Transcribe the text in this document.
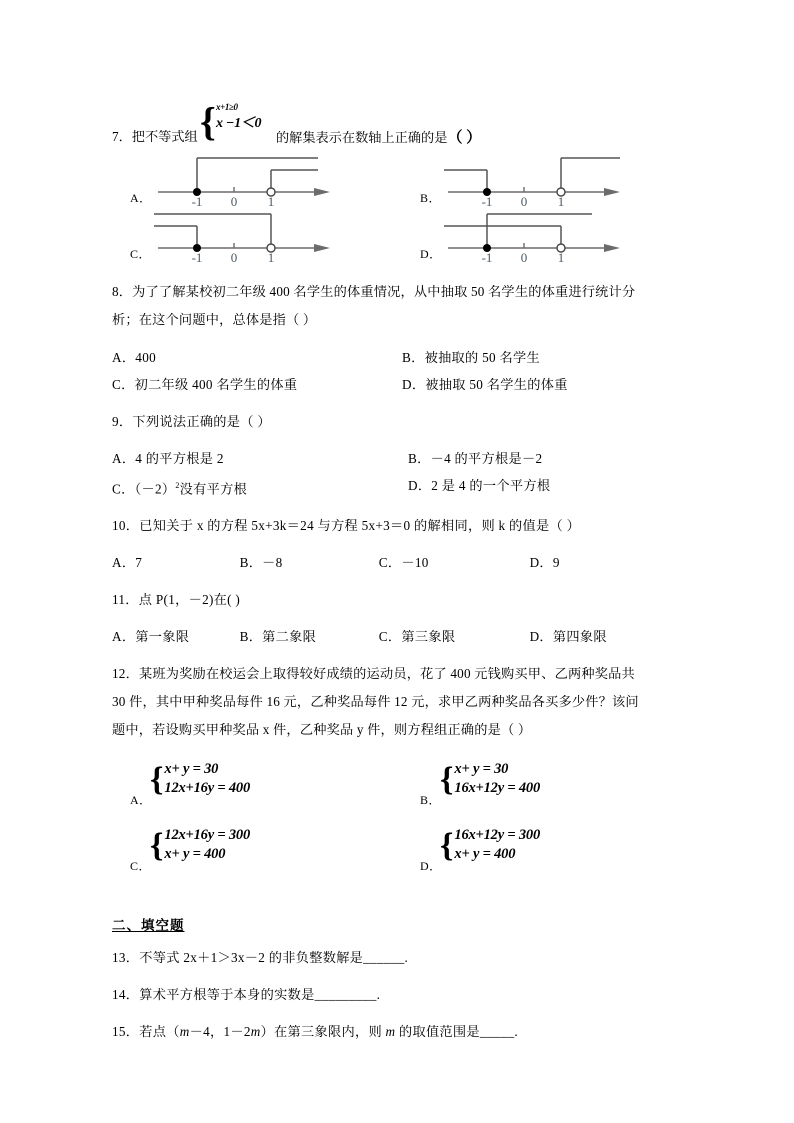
7．把不等式组 { x+1≥0
x −1＜0
的解集表示在数轴上正确的是（ ）
A．	-1 0 1	B．	-1 0 1
C．	-1 0 1	D．	-1 0 1
8．为了了解某校初二年级 400 名学生的体重情况，从中抽取 50 名学生的体重进行统计分
析；在这个问题中，总体是指（ ）
A．400	B．被抽取的 50 名学生
C．初二年级 400 名学生的体重	D．被抽取 50 名学生的体重
9．下列说法正确的是（ ）
A．4 的平方根是 2	B．－4 的平方根是－2
C．$(-2)^2$没有平方根	D．2 是 4 的一个平方根
10．已知关于 x 的方程 5x+3k＝24 与方程 5x+3＝0 的解相同，则 k 的值是（ ）
A．7	B．－8	C．－10	D．9
11．点 P(1，－2)在( )
A．第一象限	B．第二象限	C．第三象限	D．第四象限
12．某班为奖励在校运会上取得较好成绩的运动员，花了 400 元钱购买甲、乙两种奖品共
30 件，其中甲种奖品每件 16 元，乙种奖品每件 12 元，求甲乙两种奖品各买多少件？该问
题中，若设购买甲种奖品 x 件，乙种奖品 y 件，则方程组正确的是（ ）
A．
{ x+ y = 30
12x+16y = 400
B．
{ x+ y = 30
16x+12y = 400
C．
{ 12x+16y = 300
x+ y = 400
D．
{ 16x+12y = 300
x+ y = 400
二、填空题
13．不等式 2x＋1＞3x－2 的非负整数解是______.
14．算术平方根等于本身的实数是_________.
15．若点（m－4，1－2m）在第三象限内，则 m 的取值范围是_____.
